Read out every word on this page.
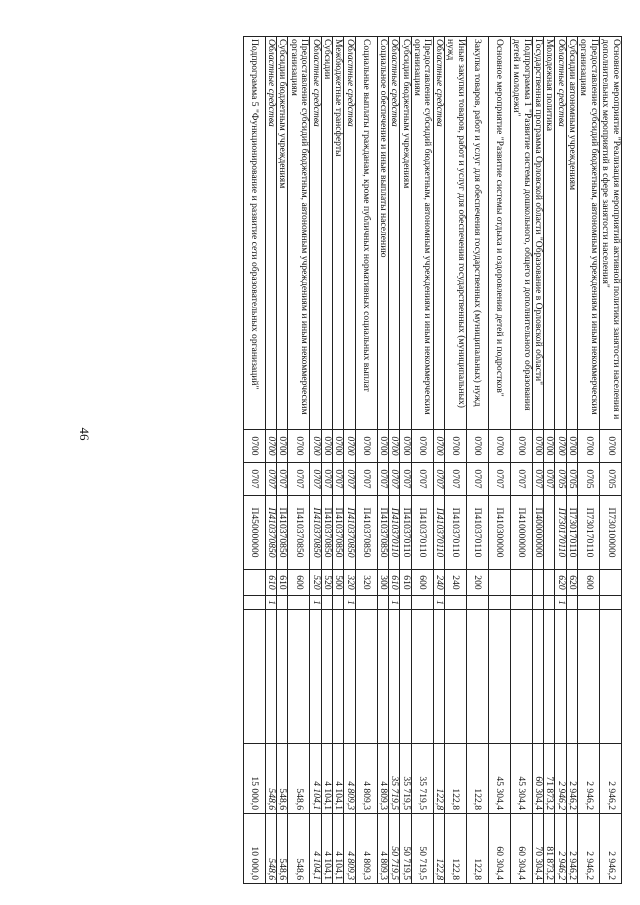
46
Основное мероприятие "Реализация мероприятий активной политики занятости населения и дополнительных мероприятий в сфере занятости населения"	0700	0705	П730100000				2 946,2	2 946,2
Предоставление субсидий бюджетным, автономным учреждениям и иным некоммерческим организациям	0700	0705	П730170110	600			2 946,2	2 946,2
Субсидии автономным учреждениям	0700	0705	П730170110	620			2 946,2	2 946,2
Областные средства	0700	0705	П730170110	620	1		2 946,2	2 946,2
Молодежная политика	0700	0707					71 873,2	81 873,2
Государственная программа Орловской области "Образование в Орловской области"	0700	0707	П400000000				60 304,4	70 304,4
Подпрограмма 1 "Развитие системы дошкольного, общего и дополнительного образования детей и молодежи"	0700	0707	П410000000				45 304,4	60 304,4
Основное мероприятие "Развитие системы отдыха и оздоровления детей и подростков"	0700	0707	П410300000				45 304,4	60 304,4
Закупка товаров, работ и услуг для обеспечения государственных (муниципальных) нужд	0700	0707	П410370110	200			122,8	122,8
Иные закупки товаров, работ и услуг для обеспечения государственных (муниципальных) нужд	0700	0707	П410370110	240			122,8	122,8
Областные средства	0700	0707	П410370110	240	1		122,8	122,8
Предоставление субсидий бюджетным, автономным учреждениям и иным некоммерческим организациям	0700	0707	П410370110	600			35 719,5	50 719,5
Субсидии бюджетным учреждениям	0700	0707	П410370110	610			35 719,5	50 719,5
Областные средства	0700	0707	П410370110	610	1		35 719,5	50 719,5
Социальное обеспечение и иные выплаты населению	0700	0707	П410370850	300			4 809,3	4 809,3
Социальные выплаты гражданам, кроме публичных нормативных социальных выплат	0700	0707	П410370850	320			4 809,3	4 809,3
Областные средства	0700	0707	П410370850	320	1		4 809,3	4 809,3
Межбюджетные трансферты	0700	0707	П410370850	500			4 104,1	4 104,1
Субсидии	0700	0707	П410370850	520			4 104,1	4 104,1
Областные средства	0700	0707	П410370850	520	1		4 104,1	4 104,1
Предоставление субсидий бюджетным, автономным учреждениям и иным некоммерческим организациям	0700	0707	П410370850	600			548,6	548,6
Субсидии бюджетным учреждениям	0700	0707	П410370850	610			548,6	548,6
Областные средства	0700	0707	П410370850	610	1		548,6	548,6
Подпрограмма 5 "Функционирование и развитие сети образовательных организаций"	0700	0707	П450000000				15 000,0	10 000,0
